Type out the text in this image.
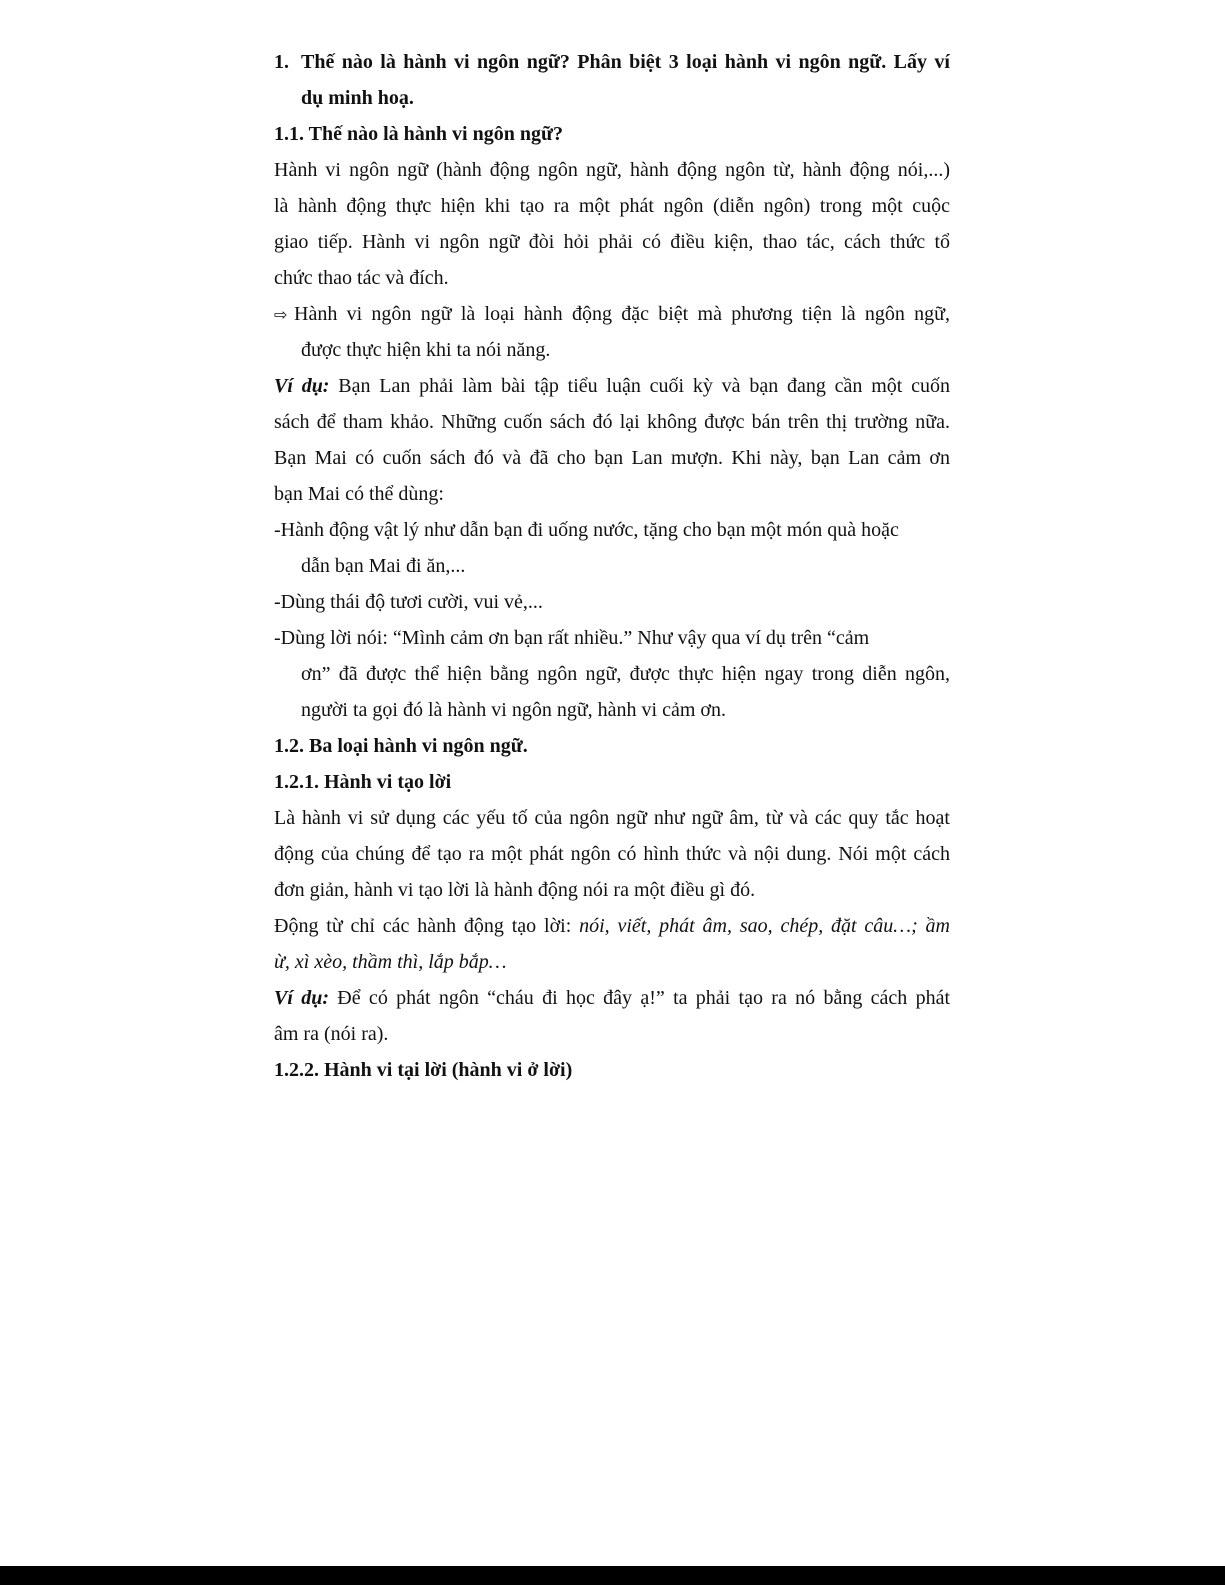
1. Thế nào là hành vi ngôn ngữ? Phân biệt 3 loại hành vi ngôn ngữ. Lấy ví
dụ minh hoạ.
1.1. Thế nào là hành vi ngôn ngữ?
Hành vi ngôn ngữ (hành động ngôn ngữ, hành động ngôn từ, hành động nói,...)
là hành động thực hiện khi tạo ra một phát ngôn (diễn ngôn) trong một cuộc
giao tiếp. Hành vi ngôn ngữ đòi hỏi phải có điều kiện, thao tác, cách thức tổ
chức thao tác và đích.
⇨ Hành vi ngôn ngữ là loại hành động đặc biệt mà phương tiện là ngôn ngữ,
được thực hiện khi ta nói năng.
Ví dụ: Bạn Lan phải làm bài tập tiểu luận cuối kỳ và bạn đang cần một cuốn
sách để tham khảo. Những cuốn sách đó lại không được bán trên thị trường nữa.
Bạn Mai có cuốn sách đó và đã cho bạn Lan mượn. Khi này, bạn Lan cảm ơn
bạn Mai có thể dùng:
-Hành động vật lý như dẫn bạn đi uống nước, tặng cho bạn một món quà hoặc
dẫn bạn Mai đi ăn,...
-Dùng thái độ tươi cười, vui vẻ,...
-Dùng lời nói: “Mình cảm ơn bạn rất nhiều.” Như vậy qua ví dụ trên “cảm
ơn” đã được thể hiện bằng ngôn ngữ, được thực hiện ngay trong diễn ngôn,
người ta gọi đó là hành vi ngôn ngữ, hành vi cảm ơn.
1.2. Ba loại hành vi ngôn ngữ.
1.2.1. Hành vi tạo lời
Là hành vi sử dụng các yếu tố của ngôn ngữ như ngữ âm, từ và các quy tắc hoạt
động của chúng để tạo ra một phát ngôn có hình thức và nội dung. Nói một cách
đơn giản, hành vi tạo lời là hành động nói ra một điều gì đó.
Động từ chỉ các hành động tạo lời: nói, viết, phát âm, sao, chép, đặt câu…; ầm
ừ, xì xèo, thầm thì, lắp bắp…
Ví dụ: Để có phát ngôn “cháu đi học đây ạ!” ta phải tạo ra nó bằng cách phát
âm ra (nói ra).
1.2.2. Hành vi tại lời (hành vi ở lời)
